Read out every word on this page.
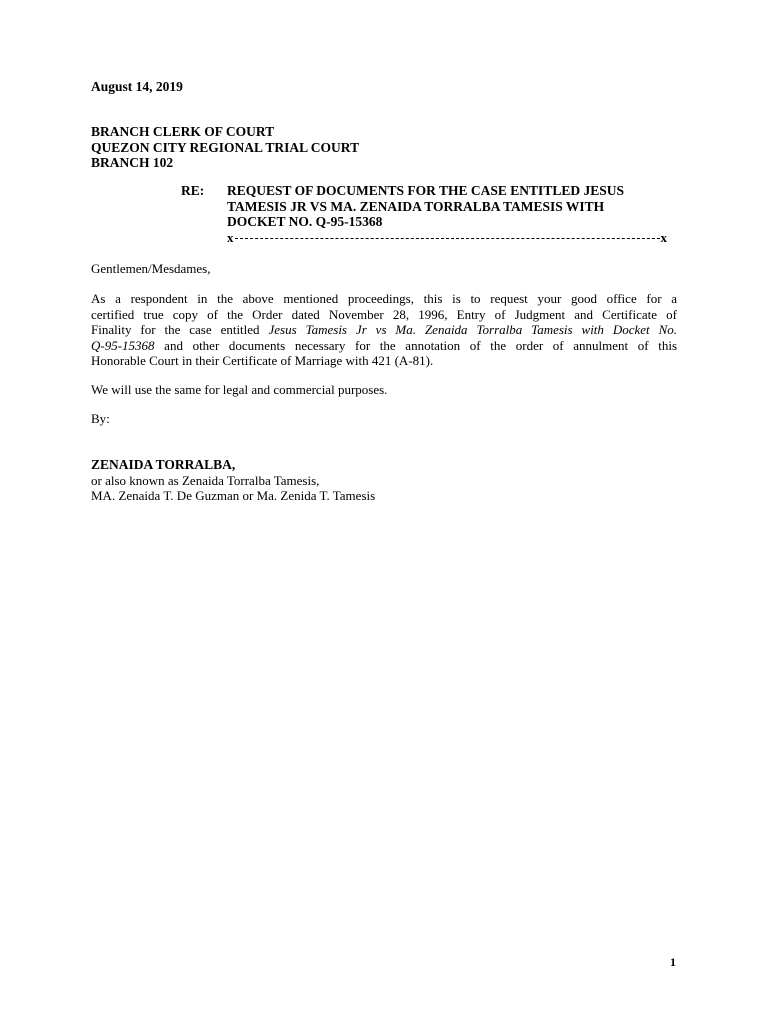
August 14, 2019
BRANCH CLERK OF COURT
QUEZON CITY REGIONAL TRIAL COURT
BRANCH 102
RE: REQUEST OF DOCUMENTS FOR THE CASE ENTITLED JESUS
TAMESIS JR VS MA. ZENAIDA TORRALBA TAMESIS WITH
DOCKET NO. Q-95-15368
x	x
Gentlemen/Mesdames,
As a respondent in the above mentioned proceedings, this is to request your good office for a
certified true copy of the Order dated November 28, 1996, Entry of Judgment and Certificate of
Finality for the case entitled Jesus Tamesis Jr vs Ma. Zenaida Torralba Tamesis with Docket No.
Q-95-15368 and other documents necessary for the annotation of the order of annulment of this
Honorable Court in their Certificate of Marriage with 421 (A-81).
We will use the same for legal and commercial purposes.
By:
ZENAIDA TORRALBA,
or also known as Zenaida Torralba Tamesis,
MA. Zenaida T. De Guzman or Ma. Zenida T. Tamesis
1
